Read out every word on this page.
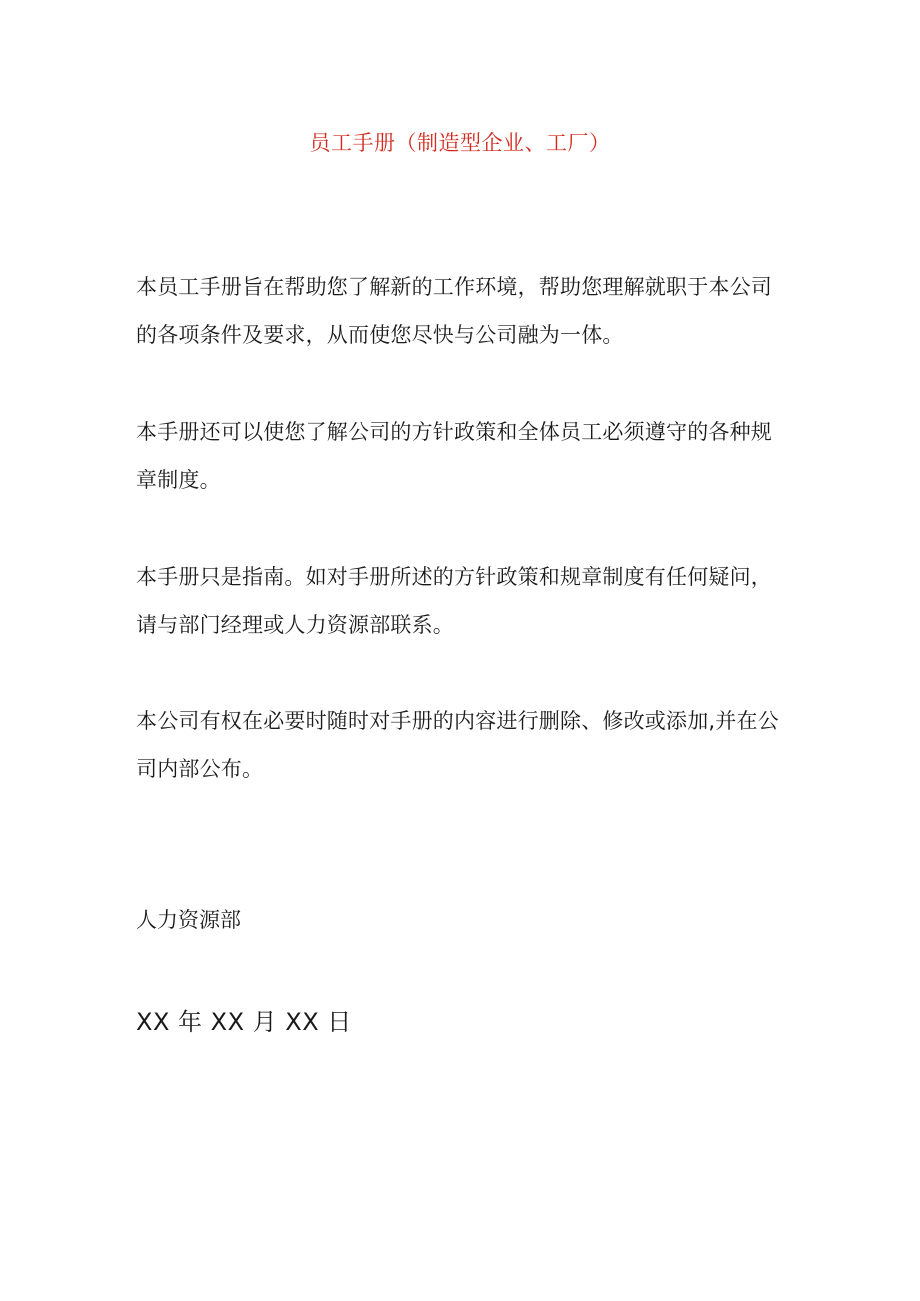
员工手册（制造型企业、工厂）
本员工手册旨在帮助您了解新的工作环境，帮助您理解就职于本公司
的各项条件及要求，从而使您尽快与公司融为一体。
本手册还可以使您了解公司的方针政策和全体员工必须遵守的各种规
章制度。
本手册只是指南。如对手册所述的方针政策和规章制度有任何疑问，
请与部门经理或人力资源部联系。
本公司有权在必要时随时对手册的内容进行删除、修改或添加,并在公
司内部公布。
人力资源部
XX 年 XX 月 XX 日
